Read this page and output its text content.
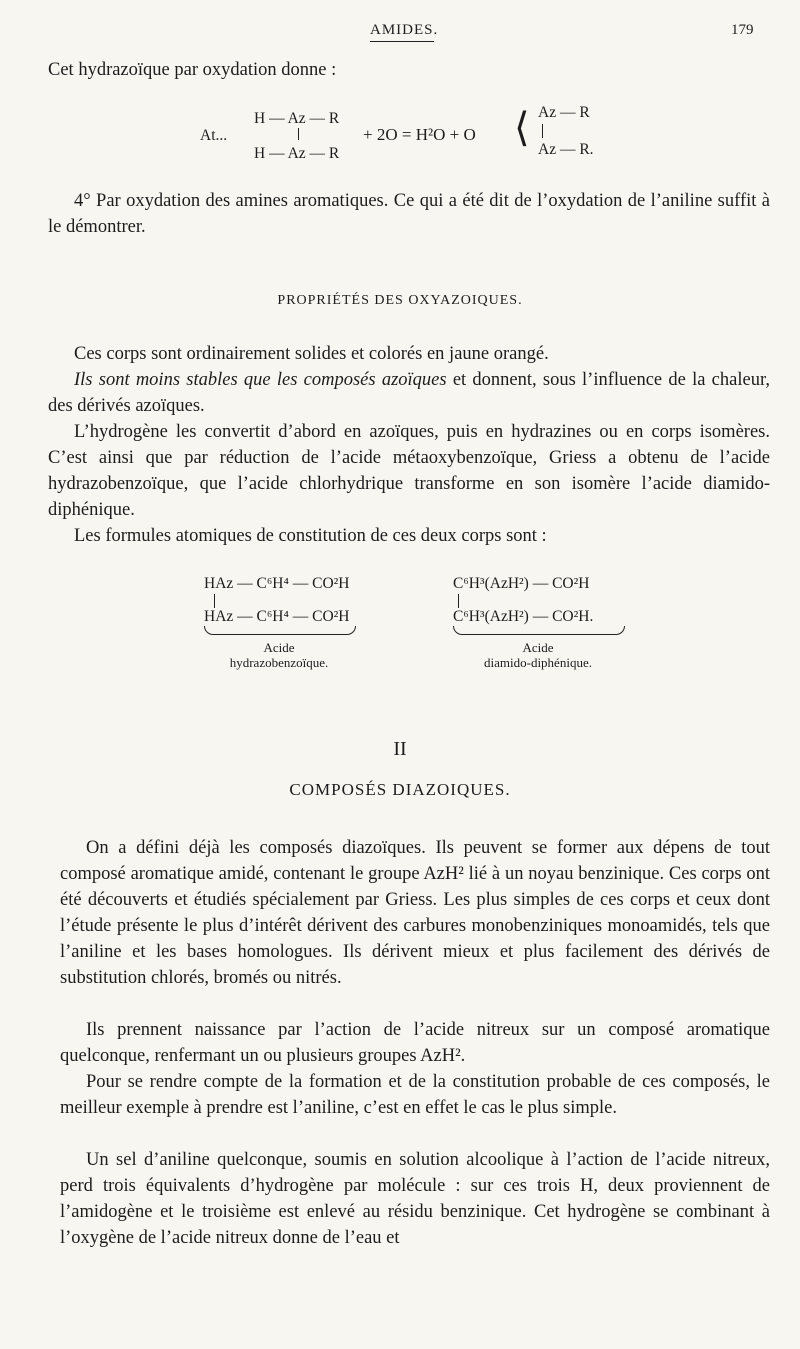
AMIDES.	179
Cet hydrazoïque par oxydation donne :
At...
H — Az — R
H — Az — R
+ 2O = H²O + O ⟨ Az — R
Az — R.
4° Par oxydation des amines aromatiques. Ce qui a été dit de l’oxydation de l’aniline suffit à le démontrer.
PROPRIÉTÉS DES OXYAZOIQUES.
Ces corps sont ordinairement solides et colorés en jaune orangé.
Ils sont moins stables que les composés azoïques et donnent, sous l’influence de la chaleur, des dérivés azoïques.
L’hydrogène les convertit d’abord en azoïques, puis en hydrazines ou en corps isomères. C’est ainsi que par réduction de l’acide métaoxybenzoïque, Griess a obtenu de l’acide hydrazobenzoïque, que l’acide chlorhydrique transforme en son isomère l’acide diamido-diphénique.
Les formules atomiques de constitution de ces deux corps sont :
HAz — C⁶H⁴ — CO²H
HAz — C⁶H⁴ — CO²H
Acide
hydrazobenzoïque.
C⁶H³(AzH²) — CO²H
C⁶H³(AzH²) — CO²H.
Acide
diamido-diphénique.
II
COMPOSÉS DIAZOIQUES.
On a défini déjà les composés diazoïques. Ils peuvent se former aux dépens de tout composé aromatique amidé, contenant le groupe AzH² lié à un noyau benzinique. Ces corps ont été découverts et étudiés spécialement par Griess. Les plus simples de ces corps et ceux dont l’étude présente le plus d’intérêt dérivent des carbures monobenziniques monoamidés, tels que l’aniline et les bases homologues. Ils dérivent mieux et plus facilement des dérivés de substitution chlorés, bromés ou nitrés.
Ils prennent naissance par l’action de l’acide nitreux sur un composé aromatique quelconque, renfermant un ou plusieurs groupes AzH².
Pour se rendre compte de la formation et de la constitution probable de ces composés, le meilleur exemple à prendre est l’aniline, c’est en effet le cas le plus simple.
Un sel d’aniline quelconque, soumis en solution alcoolique à l’action de l’acide nitreux, perd trois équivalents d’hydrogène par molécule : sur ces trois H, deux proviennent de l’amidogène et le troisième est enlevé au résidu benzinique. Cet hydrogène se combinant à l’oxygène de l’acide nitreux donne de l’eau et
